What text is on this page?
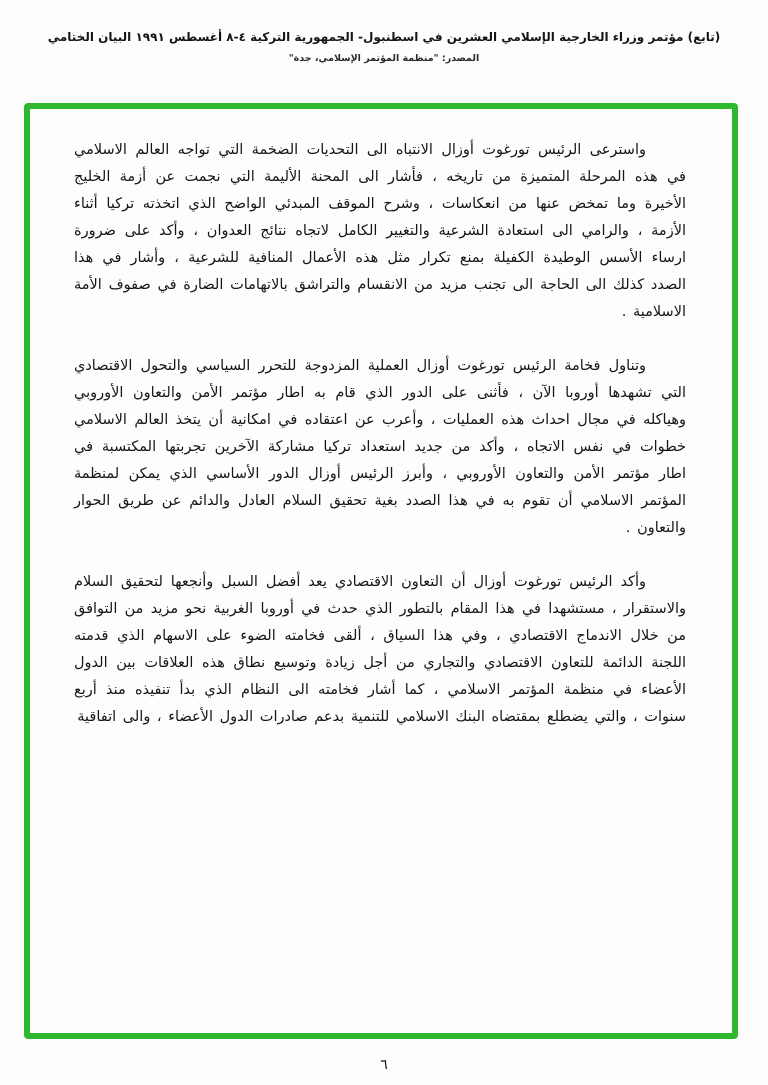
(تابع) مؤتمر وزراء الخارجية الإسلامي العشرين في اسطنبول- الجمهورية التركية ٤-٨ أغسطس ١٩٩١ البيان الختامي
المصدر: "منظمة المؤتمر الإسلامي، جدة"

واسترعى الرئيس تورغوت أوزال الانتباه الى التحديات الضخمة التي تواجه العالم الاسلامي في هذه المرحلة المتميزة من تاريخه ، فأشار الى المحنة الأليمة التي نجمت عن أزمة الخليج الأخيرة وما تمخض عنها من انعكاسات ، وشرح الموقف المبدئي الواضح الذي اتخذته تركيا أثناء الأزمة ، والرامي الى استعادة الشرعية والتغيير الكامل لاتجاه نتائج العدوان ، وأكد على ضرورة ارساء الأسس الوطيدة الكفيلة بمنع تكرار مثل هذه الأعمال المنافية للشرعية ، وأشار في هذا الصدد كذلك الى الحاجة الى تجنب مزيد من الانقسام والتراشق بالاتهامات الضارة في صفوف الأمة الاسلامية .

وتناول فخامة الرئيس تورغوت أوزال العملية المزدوجة للتحرر السياسي والتحول الاقتصادي التي تشهدها أوروبا الآن ، فأثنى على الدور الذي قام به اطار مؤتمر الأمن والتعاون الأوروبي وهياكله في مجال احداث هذه العمليات ، وأعرب عن اعتقاده في امكانية أن يتخذ العالم الاسلامي خطوات في نفس الاتجاه ، وأكد من جديد استعداد تركيا مشاركة الآخرين تجربتها المكتسبة في اطار مؤتمر الأمن والتعاون الأوروبي ، وأبرز الرئيس أوزال الدور الأساسي الذي يمكن لمنظمة المؤتمر الاسلامي أن تقوم به في هذا الصدد بغية تحقيق السلام العادل والدائم عن طريق الحوار والتعاون .

وأكد الرئيس تورغوت أوزال أن التعاون الاقتصادي يعد أفضل السبل وأنجعها لتحقيق السلام والاستقرار ، مستشهدا في هذا المقام بالتطور الذي حدث في أوروبا الغربية نحو مزيد من التوافق من خلال الاندماج الاقتصادي ، وفي هذا السياق ، ألقى فخامته الضوء على الاسهام الذي قدمته اللجنة الدائمة للتعاون الاقتصادي والتجاري من أجل زيادة وتوسيع نطاق هذه العلاقات بين الدول الأعضاء في منظمة المؤتمر الاسلامي ، كما أشار فخامته الى النظام الذي بدأ تنفيذه منذ أربع سنوات ، والتي يضطلع بمقتضاه البنك الاسلامي للتنمية بدعم صادرات الدول الأعضاء ، والى اتفاقية

٦
